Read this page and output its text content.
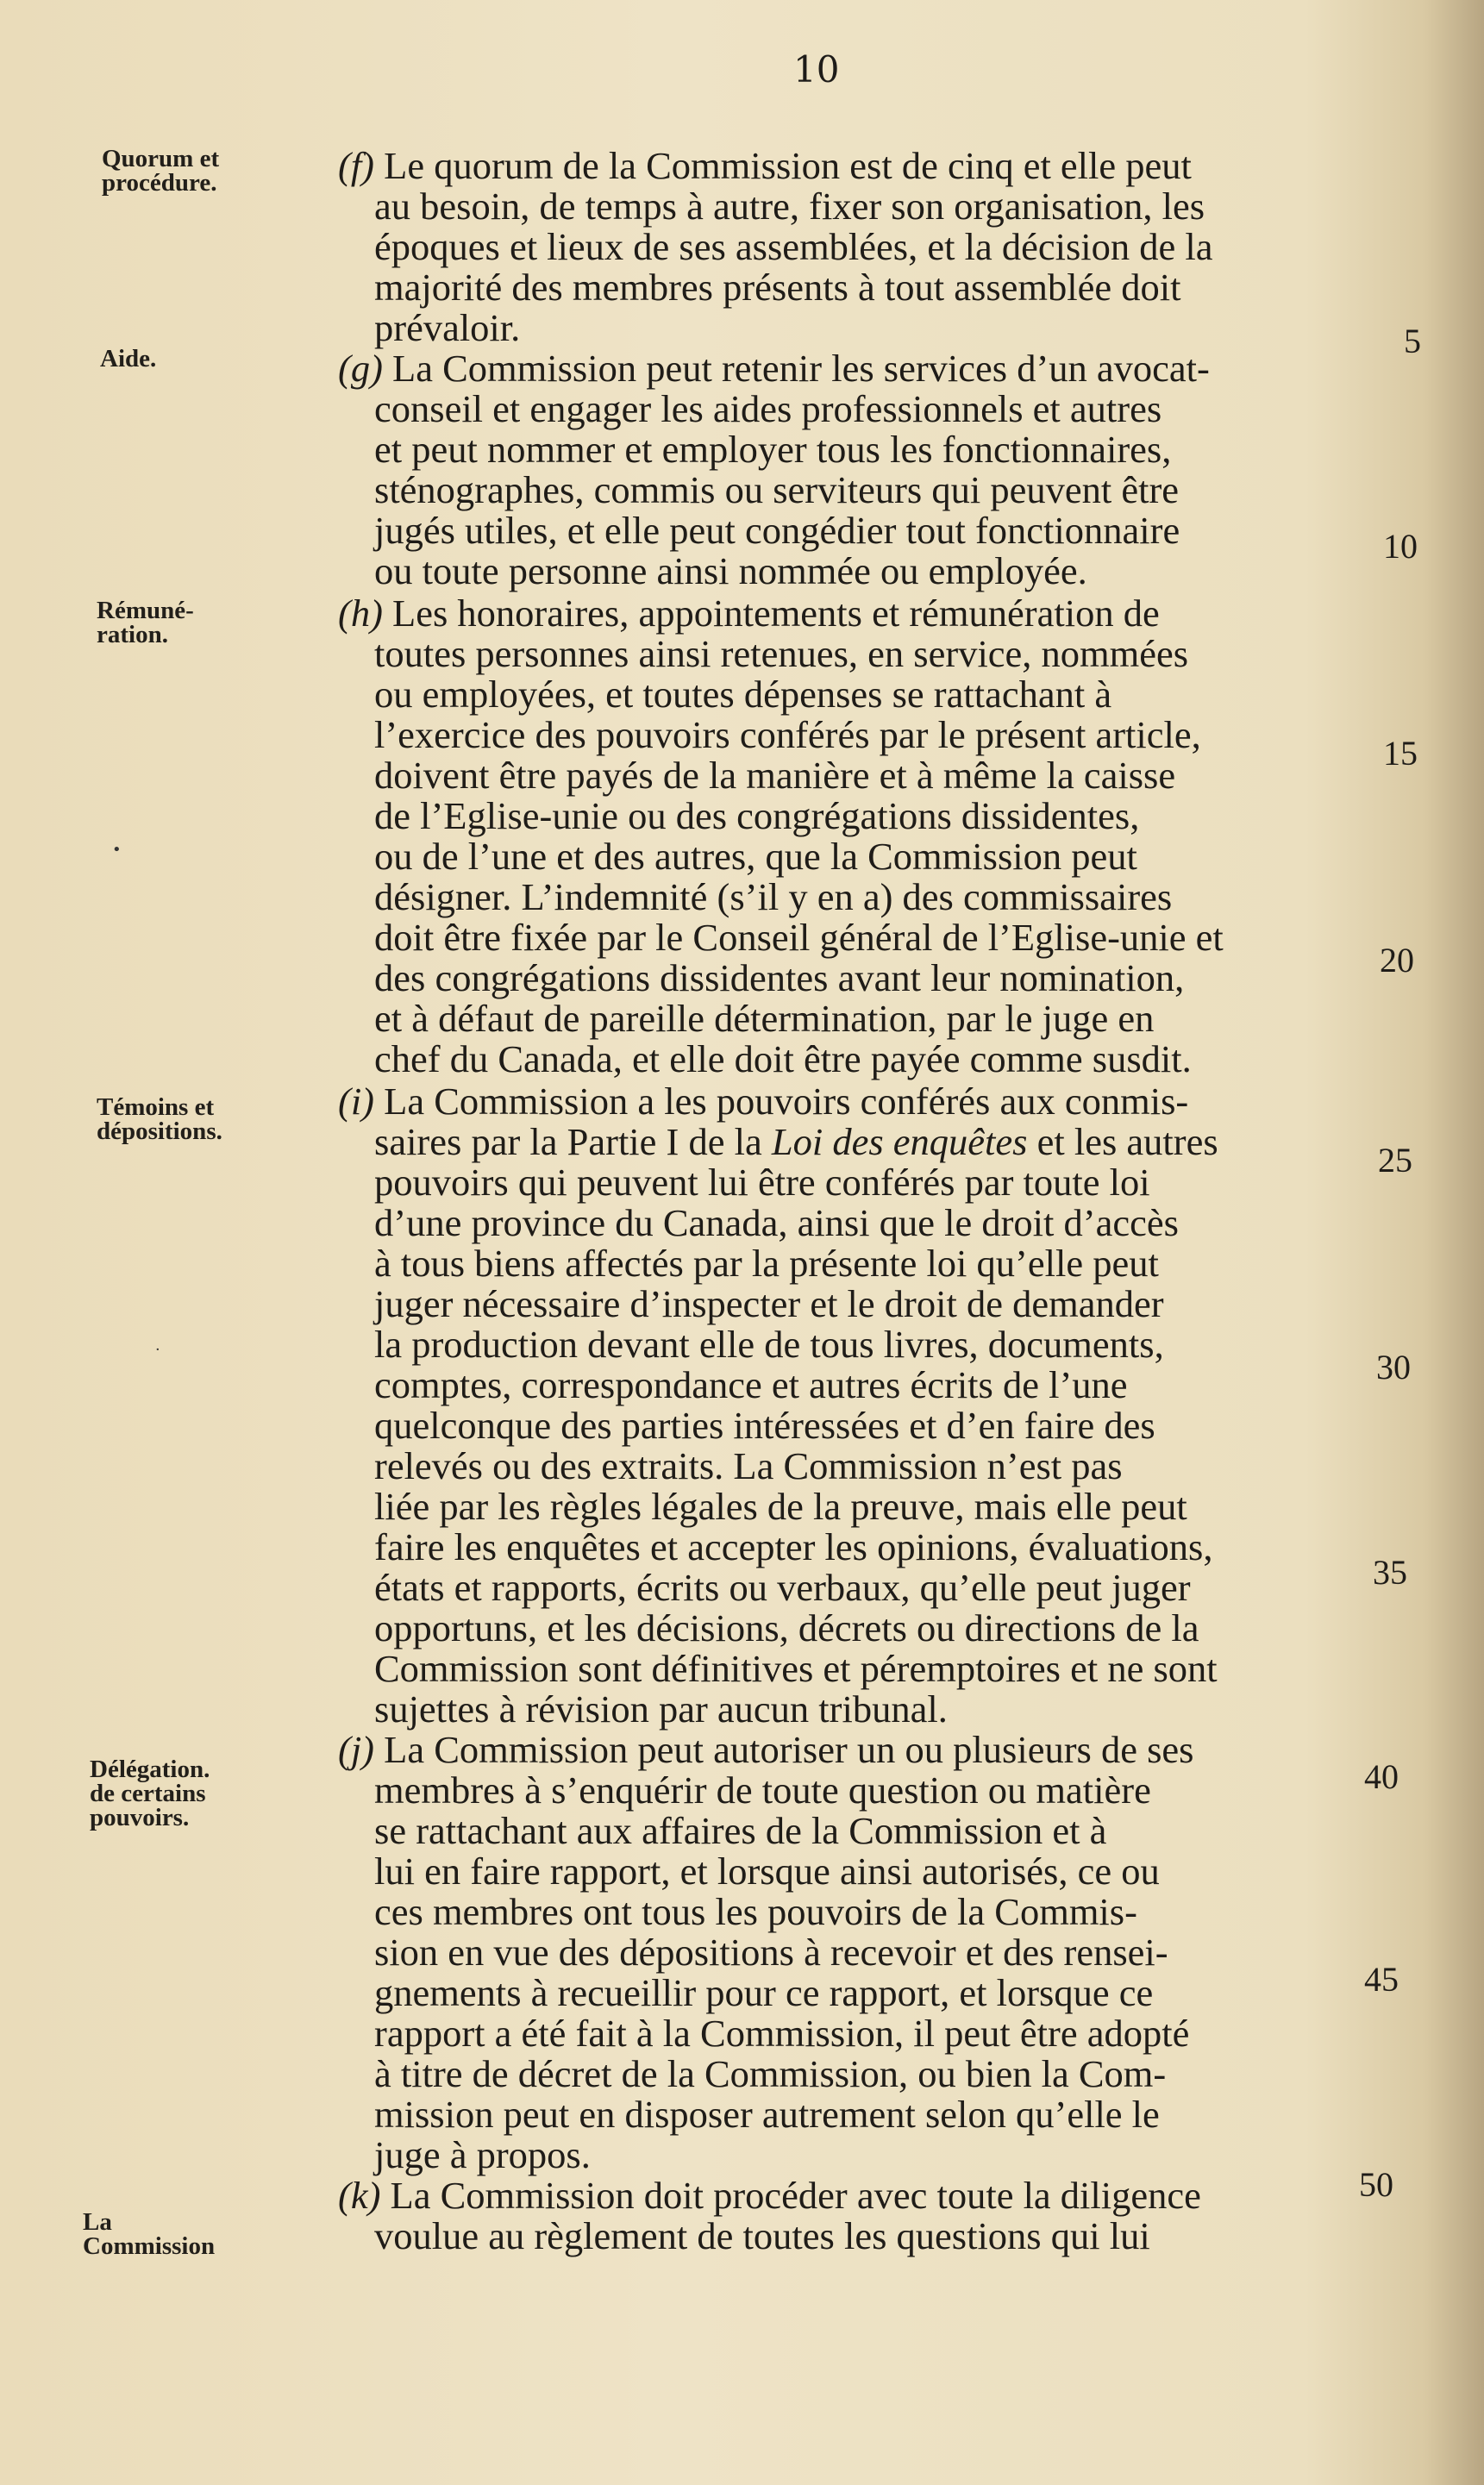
10
Quorum et
procédure.
Aide.
Rémuné-
ration.
Témoins et
dépositions.
Délégation.
de certains
pouvoirs.
La
Commission
(f) Le quorum de la Commission est de cinq et elle peut
au besoin, de temps à autre, fixer son organisation, les
époques et lieux de ses assemblées, et la décision de la
majorité des membres présents à tout assemblée doit
prévaloir.
(g) La Commission peut retenir les services d’un avocat-
conseil et engager les aides professionnels et autres
et peut nommer et employer tous les fonctionnaires,
sténographes, commis ou serviteurs qui peuvent être
jugés utiles, et elle peut congédier tout fonctionnaire
ou toute personne ainsi nommée ou employée.
(h) Les honoraires, appointements et rémunération de
toutes personnes ainsi retenues, en service, nommées
ou employées, et toutes dépenses se rattachant à
l’exercice des pouvoirs conférés par le présent article,
doivent être payés de la manière et à même la caisse
de l’Eglise-unie ou des congrégations dissidentes,
ou de l’une et des autres, que la Commission peut
désigner. L’indemnité (s’il y en a) des commissaires
doit être fixée par le Conseil général de l’Eglise-unie et
des congrégations dissidentes avant leur nomination,
et à défaut de pareille détermination, par le juge en
chef du Canada, et elle doit être payée comme susdit.
(i) La Commission a les pouvoirs conférés aux conmis-
saires par la Partie I de la Loi des enquêtes et les autres
pouvoirs qui peuvent lui être conférés par toute loi
d’une province du Canada, ainsi que le droit d’accès
à tous biens affectés par la présente loi qu’elle peut
juger nécessaire d’inspecter et le droit de demander
la production devant elle de tous livres, documents,
comptes, correspondance et autres écrits de l’une
quelconque des parties intéressées et d’en faire des
relevés ou des extraits. La Commission n’est pas
liée par les règles légales de la preuve, mais elle peut
faire les enquêtes et accepter les opinions, évaluations,
états et rapports, écrits ou verbaux, qu’elle peut juger
opportuns, et les décisions, décrets ou directions de la
Commission sont définitives et péremptoires et ne sont
sujettes à révision par aucun tribunal.
(j) La Commission peut autoriser un ou plusieurs de ses
membres à s’enquérir de toute question ou matière
se rattachant aux affaires de la Commission et à
lui en faire rapport, et lorsque ainsi autorisés, ce ou
ces membres ont tous les pouvoirs de la Commis-
sion en vue des dépositions à recevoir et des rensei-
gnements à recueillir pour ce rapport, et lorsque ce
rapport a été fait à la Commission, il peut être adopté
à titre de décret de la Commission, ou bien la Com-
mission peut en disposer autrement selon qu’elle le
juge à propos.
(k) La Commission doit procéder avec toute la diligence
voulue au règlement de toutes les questions qui lui
5
10
15
20
25
30
35
40
45
50
•
·
